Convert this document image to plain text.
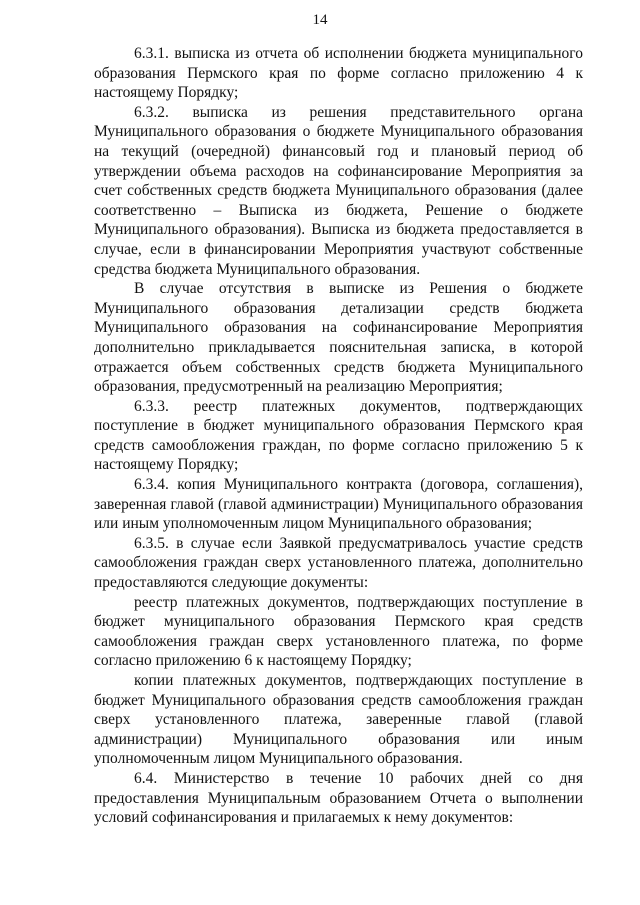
14

6.3.1. выписка из отчета об исполнении бюджета муниципального образования Пермского края по форме согласно приложению 4 к настоящему Порядку;

6.3.2. выписка из решения представительного органа Муниципального образования о бюджете Муниципального образования на текущий (очередной) финансовый год и плановый период об утверждении объема расходов на софинансирование Мероприятия за счет собственных средств бюджета Муниципального образования (далее соответственно – Выписка из бюджета, Решение о бюджете Муниципального образования). Выписка из бюджета предоставляется в случае, если в финансировании Мероприятия участвуют собственные средства бюджета Муниципального образования.

В случае отсутствия в выписке из Решения о бюджете Муниципального образования детализации средств бюджета Муниципального образования на софинансирование Мероприятия дополнительно прикладывается пояснительная записка, в которой отражается объем собственных средств бюджета Муниципального образования, предусмотренный на реализацию Мероприятия;

6.3.3. реестр платежных документов, подтверждающих поступление в бюджет муниципального образования Пермского края средств самообложения граждан, по форме согласно приложению 5 к настоящему Порядку;

6.3.4. копия Муниципального контракта (договора, соглашения), заверенная главой (главой администрации) Муниципального образования или иным уполномоченным лицом Муниципального образования;

6.3.5. в случае если Заявкой предусматривалось участие средств самообложения граждан сверх установленного платежа, дополнительно предоставляются следующие документы:

реестр платежных документов, подтверждающих поступление в бюджет муниципального образования Пермского края средств самообложения граждан сверх установленного платежа, по форме согласно приложению 6 к настоящему Порядку;

копии платежных документов, подтверждающих поступление в бюджет Муниципального образования средств самообложения граждан сверх установленного платежа, заверенные главой (главой администрации) Муниципального образования или иным уполномоченным лицом Муниципального образования.

6.4. Министерство в течение 10 рабочих дней со дня предоставления Муниципальным образованием Отчета о выполнении условий софинансирования и прилагаемых к нему документов:
